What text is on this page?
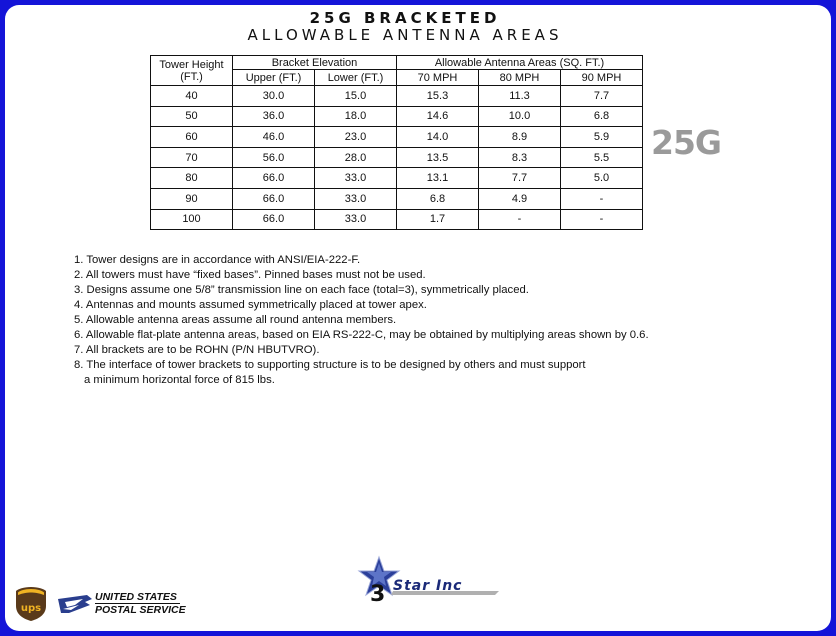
25G BRACKETED
ALLOWABLE ANTENNA AREAS
Tower Height
(FT.)	Bracket Elevation		Allowable Antenna Areas (SQ. FT.)		
	Upper (FT.)	Lower (FT.)	70 MPH	80 MPH	90 MPH
40	30.0	15.0	15.3	11.3	7.7
50	36.0	18.0	14.6	10.0	6.8
60	46.0	23.0	14.0	8.9	5.9
70	56.0	28.0	13.5	8.3	5.5
80	66.0	33.0	13.1	7.7	5.0
90	66.0	33.0	6.8	4.9	-
100	66.0	33.0	1.7	-	-
25G
1. Tower designs are in accordance with ANSI/EIA-222-F.
2. All towers must have “fixed bases”. Pinned bases must not be used.
3. Designs assume one 5/8” transmission line on each face (total=3), symmetrically placed.
4. Antennas and mounts assumed symmetrically placed at tower apex.
5. Allowable antenna areas assume all round antenna members.
6. Allowable flat-plate antenna areas, based on EIA RS-222-C, may be obtained by multiplying areas shown by 0.6.
7. All brackets are to be ROHN (P/N HBUTVRO).
8. The interface of tower brackets to supporting structure is to be designed by others and must support
a minimum horizontal force of 815 lbs.
ups
UNITED STATES
POSTAL SERVICE
3 Star Inc
